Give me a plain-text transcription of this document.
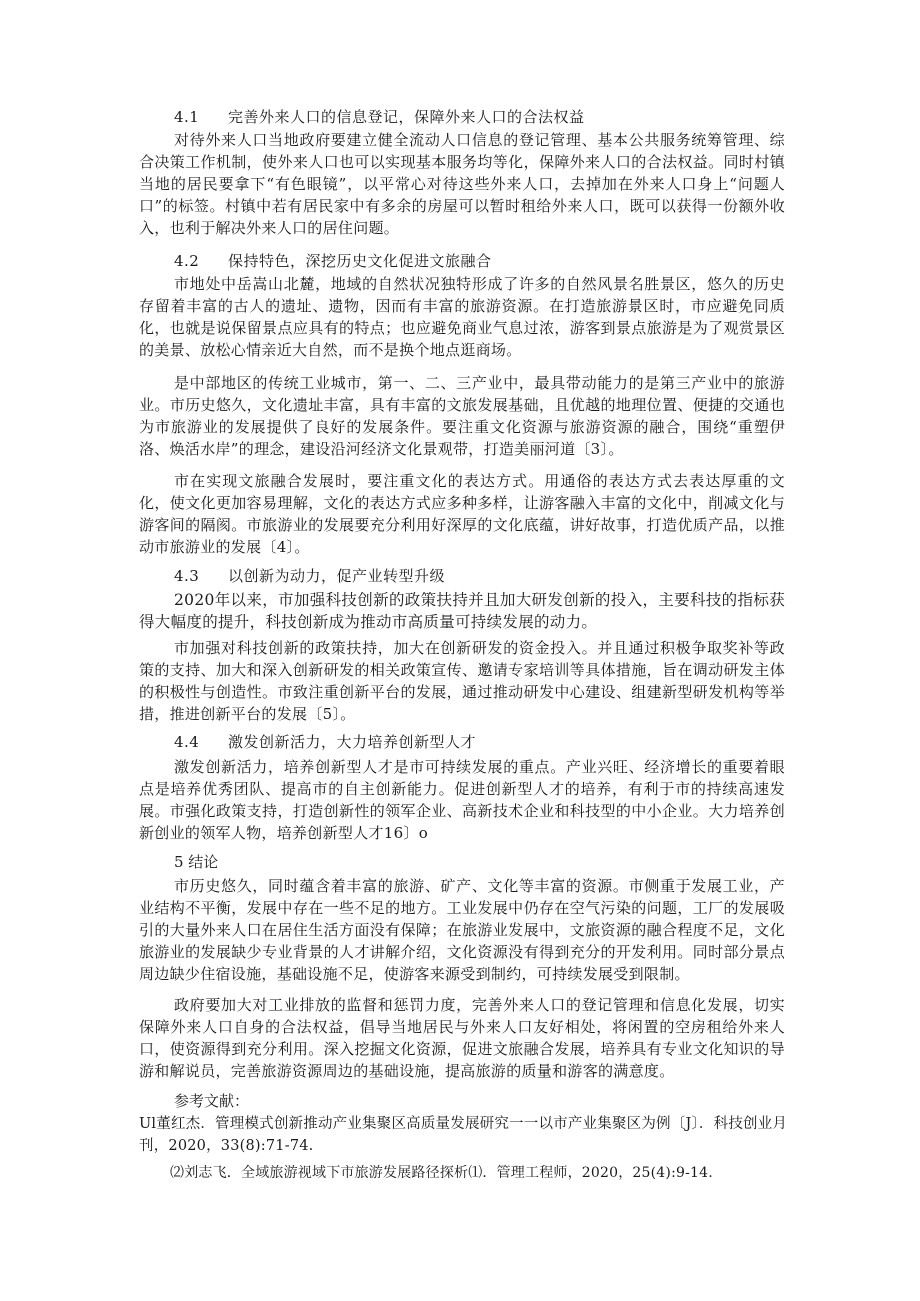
4.1 完善外来人口的信息登记，保障外来人口的合法权益
对待外来人口当地政府要建立健全流动人口信息的登记管理、基本公共服务统筹管理、综合决策工作机制，使外来人口也可以实现基本服务均等化，保障外来人口的合法权益。同时村镇当地的居民要拿下“有色眼镜”，以平常心对待这些外来人口，去掉加在外来人口身上“问题人口”的标签。村镇中若有居民家中有多余的房屋可以暂时租给外来人口，既可以获得一份额外收入，也利于解决外来人口的居住问题。
4.2 保持特色，深挖历史文化促进文旅融合
市地处中岳嵩山北麓，地域的自然状况独特形成了许多的自然风景名胜景区，悠久的历史存留着丰富的古人的遗址、遗物，因而有丰富的旅游资源。在打造旅游景区时，市应避免同质化，也就是说保留景点应具有的特点；也应避免商业气息过浓，游客到景点旅游是为了观赏景区的美景、放松心情亲近大自然，而不是换个地点逛商场。
是中部地区的传统工业城市，第一、二、三产业中，最具带动能力的是第三产业中的旅游业。市历史悠久，文化遗址丰富，具有丰富的文旅发展基础，且优越的地理位置、便捷的交通也为市旅游业的发展提供了良好的发展条件。要注重文化资源与旅游资源的融合，围绕“重塑伊洛、焕活水岸”的理念，建设沿河经济文化景观带，打造美丽河道〔3〕。
市在实现文旅融合发展时，要注重文化的表达方式。用通俗的表达方式去表达厚重的文化，使文化更加容易理解，文化的表达方式应多种多样，让游客融入丰富的文化中，削减文化与游客间的隔阂。市旅游业的发展要充分利用好深厚的文化底蕴，讲好故事，打造优质产品，以推动市旅游业的发展〔4〕。
4.3 以创新为动力，促产业转型升级
2020年以来，市加强科技创新的政策扶持并且加大研发创新的投入，主要科技的指标获得大幅度的提升，科技创新成为推动市高质量可持续发展的动力。
市加强对科技创新的政策扶持，加大在创新研发的资金投入。并且通过积极争取奖补等政策的支持、加大和深入创新研发的相关政策宣传、邀请专家培训等具体措施，旨在调动研发主体的积极性与创造性。市致注重创新平台的发展，通过推动研发中心建设、组建新型研发机构等举措，推进创新平台的发展〔5〕。
4.4 激发创新活力，大力培养创新型人才
激发创新活力，培养创新型人才是市可持续发展的重点。产业兴旺、经济增长的重要着眼点是培养优秀团队、提高市的自主创新能力。促进创新型人才的培养，有利于市的持续高速发展。市强化政策支持，打造创新性的领军企业、高新技术企业和科技型的中小企业。大力培养创新创业的领军人物，培养创新型人才16〕o
5 结论
市历史悠久，同时蕴含着丰富的旅游、矿产、文化等丰富的资源。市侧重于发展工业，产业结构不平衡，发展中存在一些不足的地方。工业发展中仍存在空气污染的问题，工厂的发展吸引的大量外来人口在居住生活方面没有保障；在旅游业发展中，文旅资源的融合程度不足，文化旅游业的发展缺少专业背景的人才讲解介绍，文化资源没有得到充分的开发利用。同时部分景点周边缺少住宿设施，基础设施不足，使游客来源受到制约，可持续发展受到限制。
政府要加大对工业排放的监督和惩罚力度，完善外来人口的登记管理和信息化发展，切实保障外来人口自身的合法权益，倡导当地居民与外来人口友好相处，将闲置的空房租给外来人口，使资源得到充分利用。深入挖掘文化资源，促进文旅融合发展，培养具有专业文化知识的导游和解说员，完善旅游资源周边的基础设施，提高旅游的质量和游客的满意度。
参考文献：
Ul董红杰．管理模式创新推动产业集聚区高质量发展研究一一以市产业集聚区为例〔J〕．科技创业月刊，2020，33(8):71-74.
⑵刘志飞．全域旅游视域下市旅游发展路径探析⑴．管理工程师，2020，25(4):9-14.
